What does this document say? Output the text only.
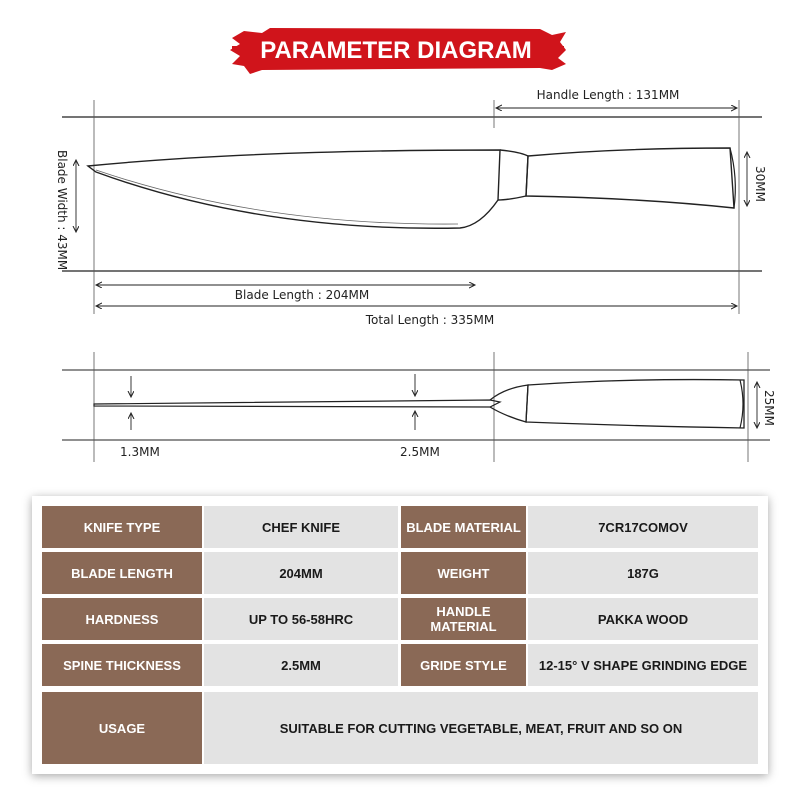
PARAMETER DIAGRAM
Handle Length : 131MM
30MM
Blade Width : 43MM
Blade Length : 204MM
Total Length : 335MM
1.3MM	2.5MM
25MM
KNIFE TYPE	CHEF KNIFE	BLADE MATERIAL	7CR17COMOV
BLADE LENGTH	204MM	WEIGHT	187G
HARDNESS	UP TO 56-58HRC	HANDLE MATERIAL	PAKKA WOOD
SPINE THICKNESS	2.5MM	GRIDE STYLE	12-15° V SHAPE GRINDING EDGE
USAGE	SUITABLE FOR CUTTING VEGETABLE, MEAT, FRUIT AND SO ON
